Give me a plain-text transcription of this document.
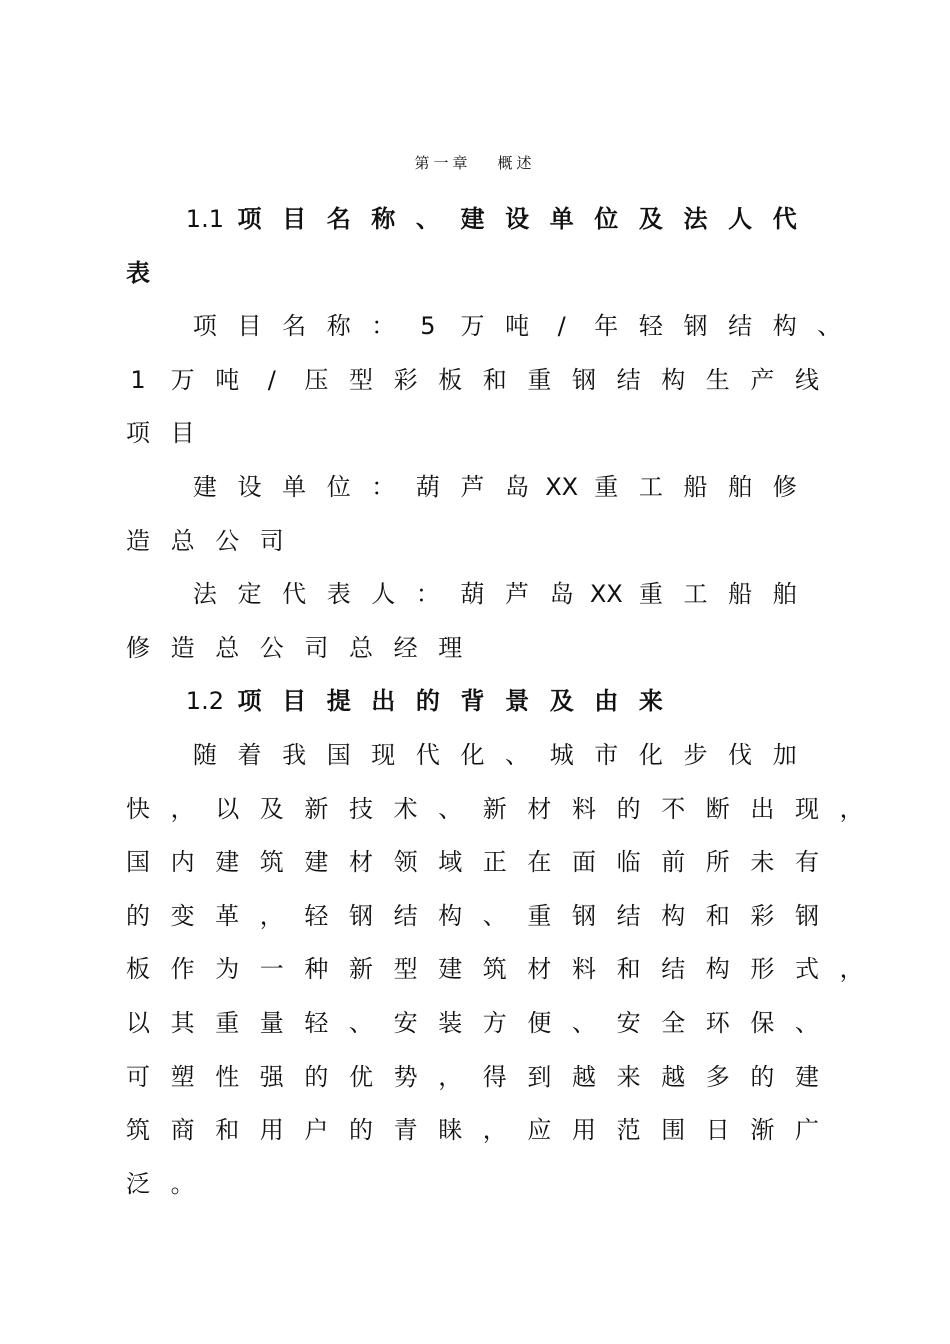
第一章 概述
1.1 项 目 名 称 、 建 设 单 位 及 法 人 代
表
项 目 名 称 ：	5	万 吨	/	年 轻 钢 结 构 、
1	万 吨	/	压 型 彩 板 和 重 钢 结 构 生 产 线
项 目
建 设 单 位 ： 葫 芦 岛 XX 重 工 船 舶 修
造 总 公 司
法 定 代 表 人 ： 葫 芦 岛 XX 重 工 船 舶
修 造 总 公 司 总 经 理
1.2 项 目 提 出 的 背 景 及 由 来
随 着 我 国 现 代 化 、 城 市 化 步 伐 加
快 ， 以 及 新 技 术 、 新 材 料 的 不 断 出 现 ，
国 内 建 筑 建 材 领 域 正 在 面 临 前 所 未 有
的 变 革 ， 轻 钢 结 构 、 重 钢 结 构 和 彩 钢
板 作 为 一 种 新 型 建 筑 材 料 和 结 构 形 式 ，
以 其 重 量 轻 、 安 装 方 便 、 安 全 环 保 、
可 塑 性 强 的 优 势 ， 得 到 越 来 越 多 的 建
筑 商 和 用 户 的 青 睐 ， 应 用 范 围 日 渐 广
泛 。
